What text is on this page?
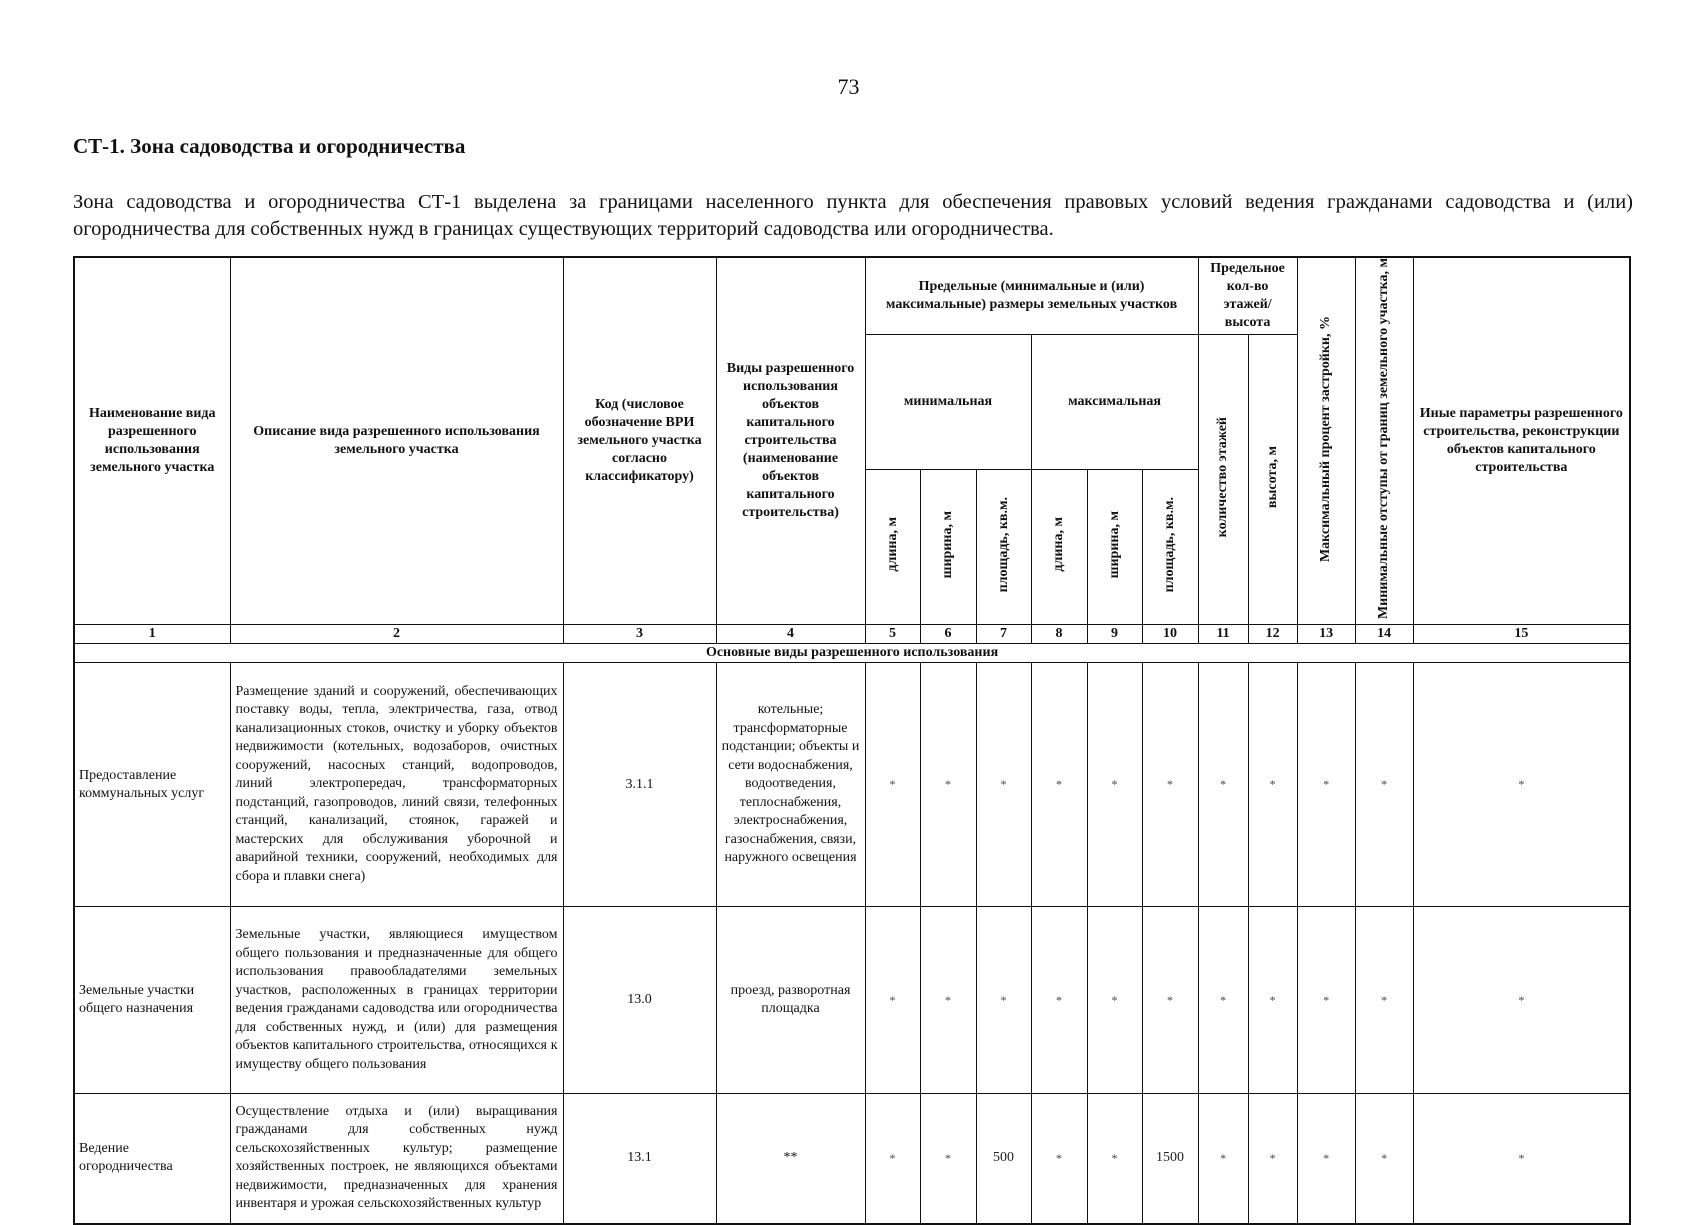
73
СТ-1. Зона садоводства и огородничества
Зона садоводства и огородничества СТ-1 выделена за границами населенного пункта для обеспечения правовых условий ведения гражданами садоводства и (или) огородничества для собственных нужд в границах существующих территорий садоводства или огородничества.
Наименование вида разрешенного использования земельного участка	Описание вида разрешенного использования земельного участка	Код (числовое обозначение ВРИ земельного участка согласно классификатору)	Виды разрешенного использования объектов капитального строительства (наименование объектов капитального строительства)	Предельные (минимальные и (или) максимальные) размеры земельных участков						Предельное кол-во этажей/ высота		Максимальный процент застройки, %	Минимальные отступы от границ земельного участка, м	Иные параметры разрешенного строительства, реконструкции объектов капитального строительства
				минимальная			максимальная			количество этажей	высота, м			
				длина, м	ширина, м	площадь, кв.м.	длина, м	ширина, м	площадь, кв.м.					
1	2	3	4	5	6	7	8	9	10	11	12	13	14	15
Основные виды разрешенного использования														
Предоставление коммунальных услуг	Размещение зданий и сооружений, обеспечивающих поставку воды, тепла, электричества, газа, отвод канализационных стоков, очистку и уборку объектов недвижимости (котельных, водозаборов, очистных сооружений, насосных станций, водопроводов, линий электропередач, трансформаторных подстанций, газопроводов, линий связи, телефонных станций, канализаций, стоянок, гаражей и мастерских для обслуживания уборочной и аварийной техники, сооружений, необходимых для сбора и плавки снега)	3.1.1	котельные; трансформаторные подстанции; объекты и сети водоснабжения, водоотведения, теплоснабжения, электроснабжения, газоснабжения, связи, наружного освещения	*	*	*	*	*	*	*	*	*	*	*
Земельные участки общего назначения	Земельные участки, являющиеся имуществом общего пользования и предназначенные для общего использования правообладателями земельных участков, расположенных в границах территории ведения гражданами садоводства или огородничества для собственных нужд, и (или) для размещения объектов капитального строительства, относящихся к имуществу общего пользования	13.0	проезд, разворотная площадка	*	*	*	*	*	*	*	*	*	*	*
Ведение огородничества	Осуществление отдыха и (или) выращивания гражданами для собственных нужд сельскохозяйственных культур; размещение хозяйственных построек, не являющихся объектами недвижимости, предназначенных для хранения инвентаря и урожая сельскохозяйственных культур	13.1	**	*	*	500	*	*	1500	*	*	*	*	*
